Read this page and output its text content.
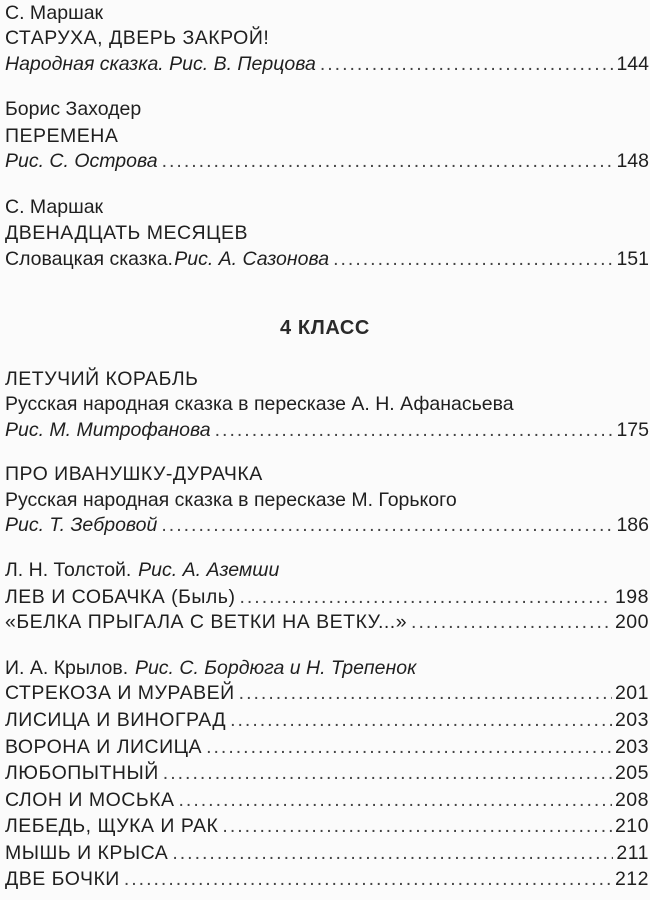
С. Маршак
СТАРУХА, ДВЕРЬ ЗАКРОЙ!
Народная сказка. Рис. В. Перцова .....	144
Борис Заходер
ПЕРЕМЕНА
Рис. С. Острова .....	148
С. Маршак
ДВЕНАДЦАТЬ МЕСЯЦЕВ
Словацкая сказка. Рис. А. Сазонова .....	151
4 КЛАСС
ЛЕТУЧИЙ КОРАБЛЬ
Русская народная сказка в пересказе А. Н. Афанасьева
Рис. М. Митрофанова .....	175
ПРО ИВАНУШКУ-ДУРАЧКА
Русская народная сказка в пересказе М. Горького
Рис. Т. Зебровой .....	186
Л. Н. Толстой. Рис. А. Аземши
ЛЕВ И СОБАЧКА (Быль) .....	198
«БЕЛКА ПРЫГАЛА С ВЕТКИ НА ВЕТКУ...» .....	200
И. А. Крылов. Рис. С. Бордюга и Н. Трепенок
СТРЕКОЗА И МУРАВЕЙ .....	201
ЛИСИЦА И ВИНОГРАД .....	203
ВОРОНА И ЛИСИЦА .....	203
ЛЮБОПЫТНЫЙ .....	205
СЛОН И МОСЬКА .....	208
ЛЕБЕДЬ, ЩУКА И РАК .....	210
МЫШЬ И КРЫСА .....	211
ДВЕ БОЧКИ .....	212
